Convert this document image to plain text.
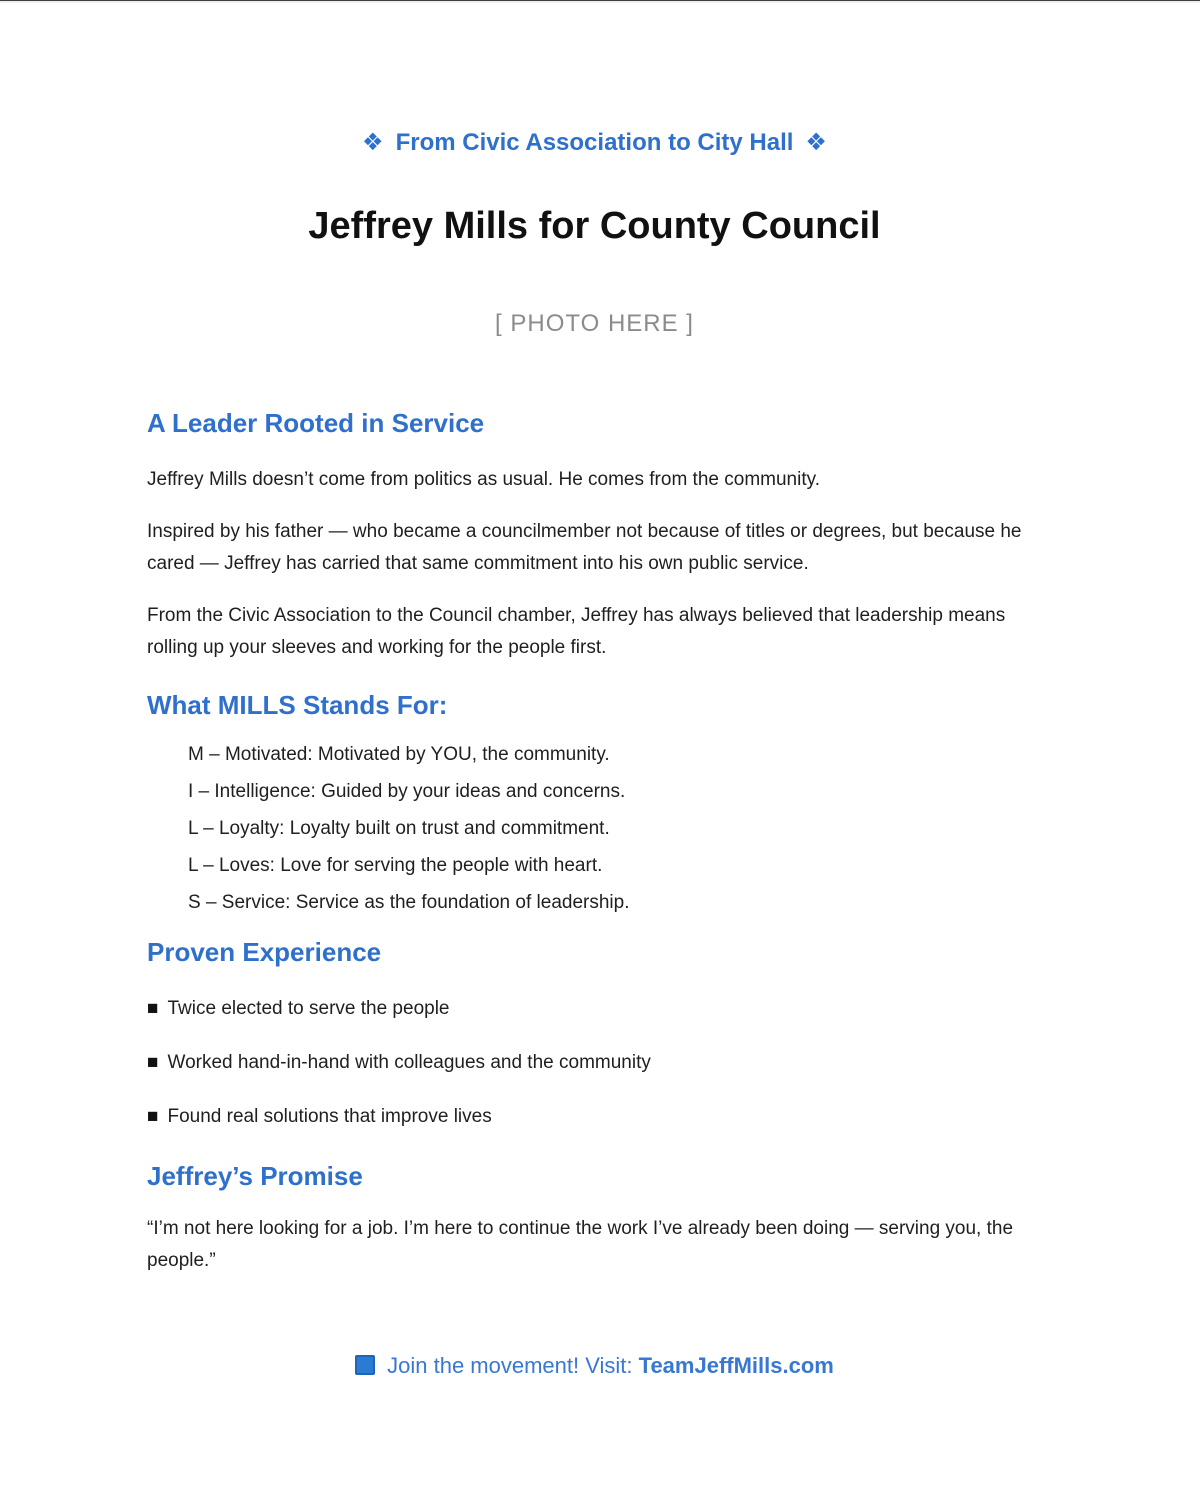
❖ From Civic Association to City Hall ❖

Jeffrey Mills for County Council

[ PHOTO HERE ]

A Leader Rooted in Service

Jeffrey Mills doesn’t come from politics as usual. He comes from the community.

Inspired by his father — who became a councilmember not because of titles or degrees, but because he cared — Jeffrey has carried that same commitment into his own public service.

From the Civic Association to the Council chamber, Jeffrey has always believed that leadership means rolling up your sleeves and working for the people first.

What MILLS Stands For:
M – Motivated: Motivated by YOU, the community.
I – Intelligence: Guided by your ideas and concerns.
L – Loyalty: Loyalty built on trust and commitment.
L – Loves: Love for serving the people with heart.
S – Service: Service as the foundation of leadership.
Proven Experience

■ Twice elected to serve the people

■ Worked hand-in-hand with colleagues and the community

■ Found real solutions that improve lives

Jeffrey’s Promise

“I’m not here looking for a job. I’m here to continue the work I’ve already been doing — serving you, the people.”

Join the movement! Visit: TeamJeffMills.com
